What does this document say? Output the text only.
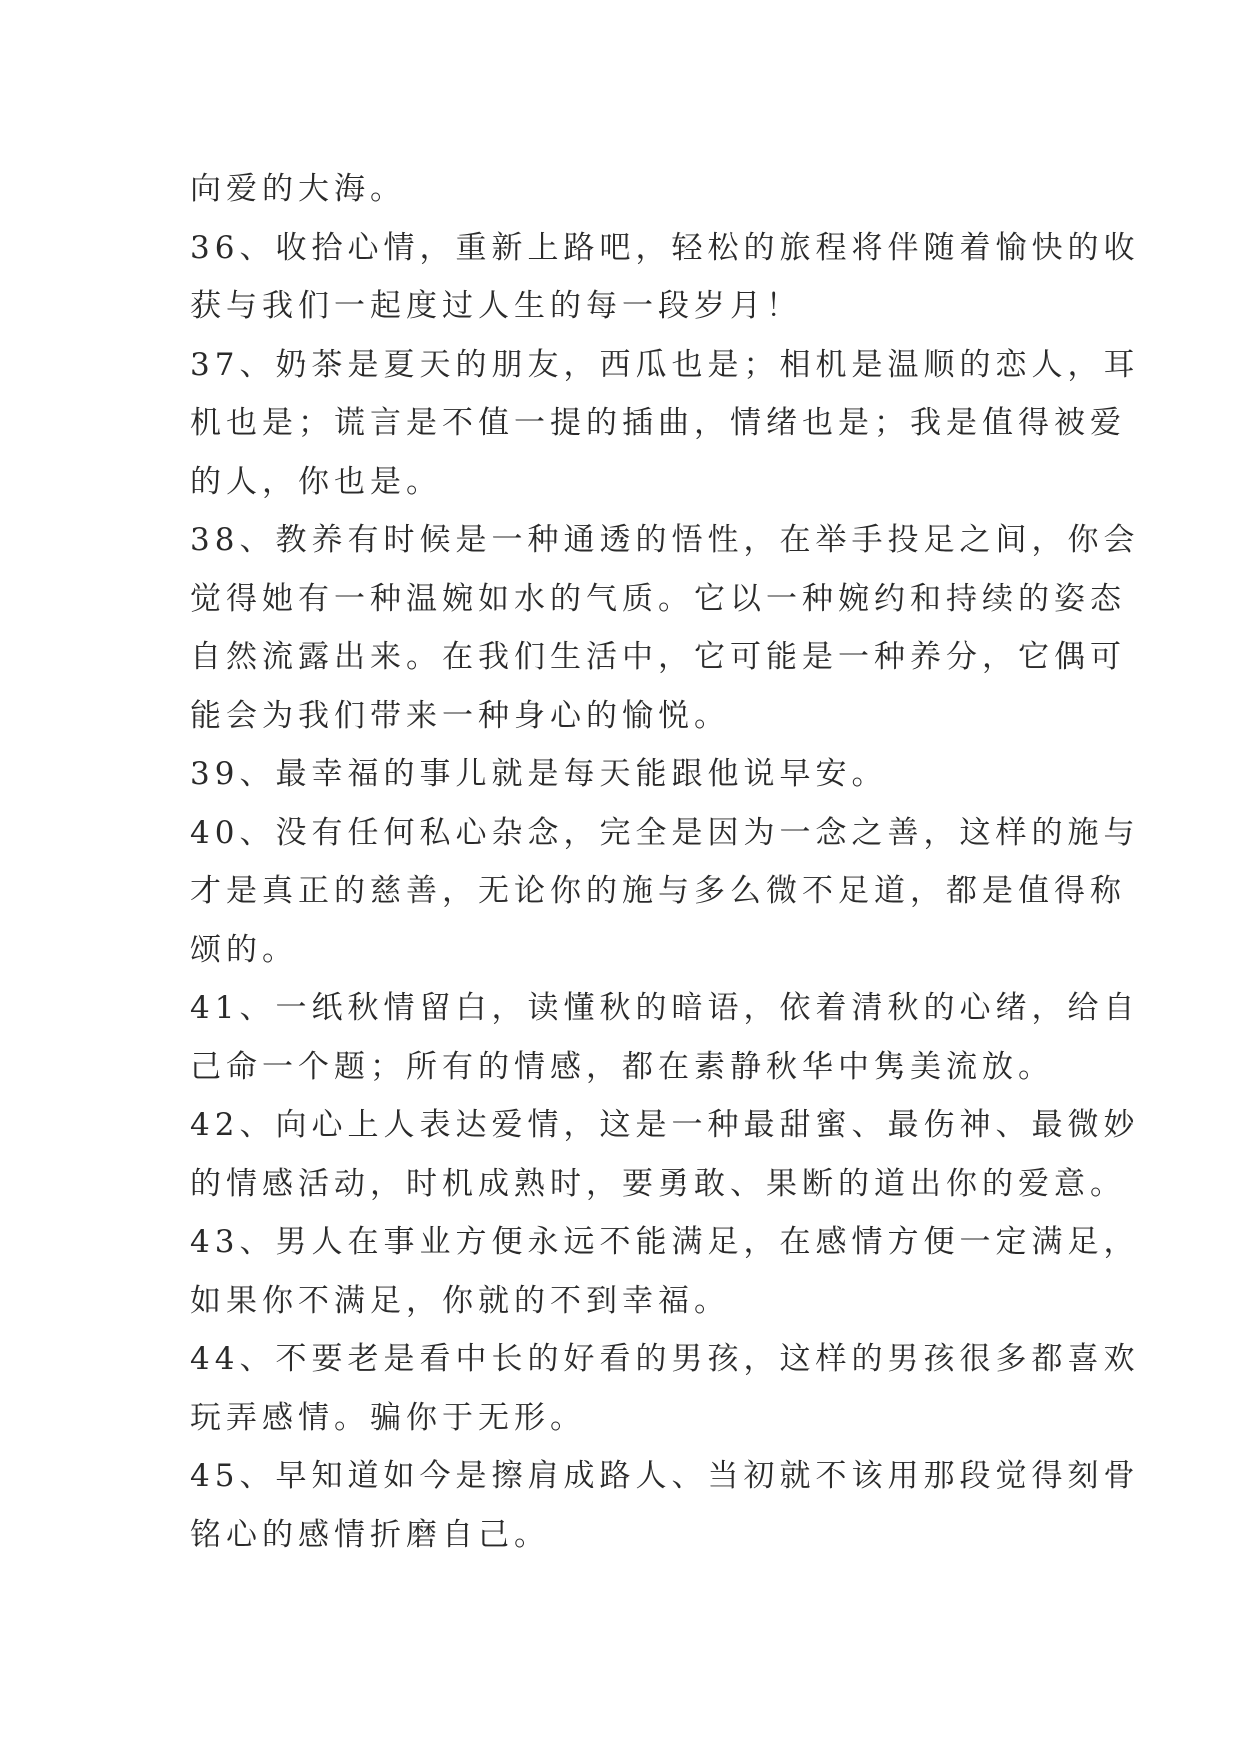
向爱的大海。
36、收拾心情，重新上路吧，轻松的旅程将伴随着愉快的收
获与我们一起度过人生的每一段岁月！
37、奶茶是夏天的朋友，西瓜也是；相机是温顺的恋人，耳
机也是；谎言是不值一提的插曲，情绪也是；我是值得被爱
的人，你也是。
38、教养有时候是一种通透的悟性，在举手投足之间，你会
觉得她有一种温婉如水的气质。它以一种婉约和持续的姿态
自然流露出来。在我们生活中，它可能是一种养分，它偶可
能会为我们带来一种身心的愉悦。
39、最幸福的事儿就是每天能跟他说早安。
40、没有任何私心杂念，完全是因为一念之善，这样的施与
才是真正的慈善，无论你的施与多么微不足道，都是值得称
颂的。
41、一纸秋情留白，读懂秋的暗语，依着清秋的心绪，给自
己命一个题；所有的情感，都在素静秋华中隽美流放。
42、向心上人表达爱情，这是一种最甜蜜、最伤神、最微妙
的情感活动，时机成熟时，要勇敢、果断的道出你的爱意。
43、男人在事业方便永远不能满足，在感情方便一定满足，
如果你不满足，你就的不到幸福。
44、不要老是看中长的好看的男孩，这样的男孩很多都喜欢
玩弄感情。骗你于无形。
45、早知道如今是擦肩成路人、当初就不该用那段觉得刻骨
铭心的感情折磨自己。
